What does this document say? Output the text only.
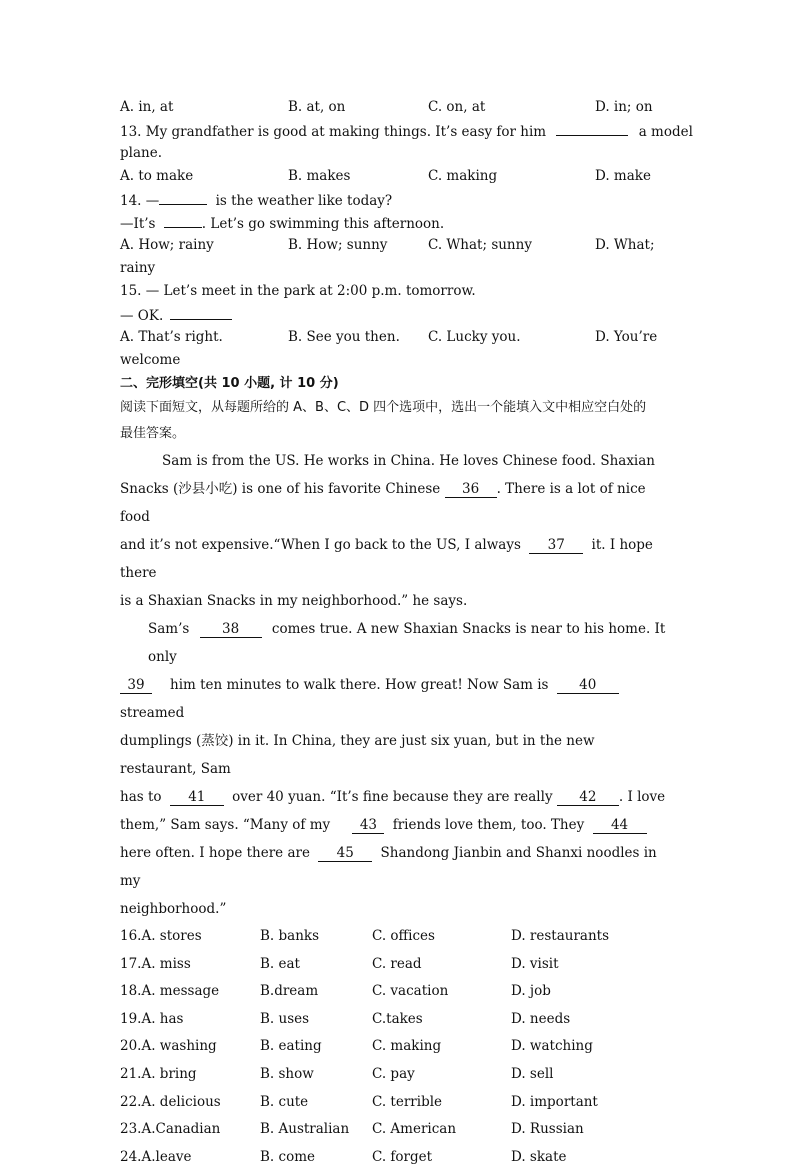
A. in, at	B. at, on	C. on, at	D. in; on
13. My grandfather is good at making things. It’s easy for him	a model
plane.
A. to make	B. makes	C. making	D. make
14. —	is the weather like today?
—It’s	. Let’s go swimming this afternoon.
A. How; rainy	B. How; sunny	C. What; sunny	D. What;
rainy
15. — Let’s meet in the park at 2:00 p.m. tomorrow.
— OK.
A. That’s right.	B. See you then. C. Lucky you.	D. You’re
welcome
二、完形填空(共 10 小题, 计 10 分)
阅读下面短文，从每题所给的 A、B、C、D 四个选项中，选出一个能填入文中相应空白处的
最佳答案。
Sam is from the US. He works in China. He loves Chinese food. Shaxian
Snacks (沙县小吃) is one of his favorite Chinese 36 . There is a lot of nice food
and it’s not expensive.“When I go back to the US, I always 37 it. I hope there
is a Shaxian Snacks in my neighborhood.” he says.
Sam’s 38 comes true. A new Shaxian Snacks is near to his home. It only
39 him ten minutes to walk there. How great! Now Sam is 40 streamed
dumplings (蒸饺) in it. In China, they are just six yuan, but in the new restaurant, Sam
has to 41 over 40 yuan. “It’s fine because they are really 42 . I love
them,” Sam says. “Many of my 43 friends love them, too. They 44
here often. I hope there are 45 Shandong Jianbin and Shanxi noodles in my
neighborhood.”
16.A. stores	B. banks	C. offices	D. restaurants
17.A. miss	B. eat	C. read	D. visit
18.A. message	B.dream	C. vacation	D. job
19.A. has	B. uses	C.takes	D. needs
20.A. washing	B. eating	C. making	D. watching
21.A. bring	B. show	C. pay	D. sell
22.A. delicious	B. cute	C. terrible	D. important
23.A.Canadian	B. Australian C. American	D. Russian
24.A.leave	B. come	C. forget	D. skate
